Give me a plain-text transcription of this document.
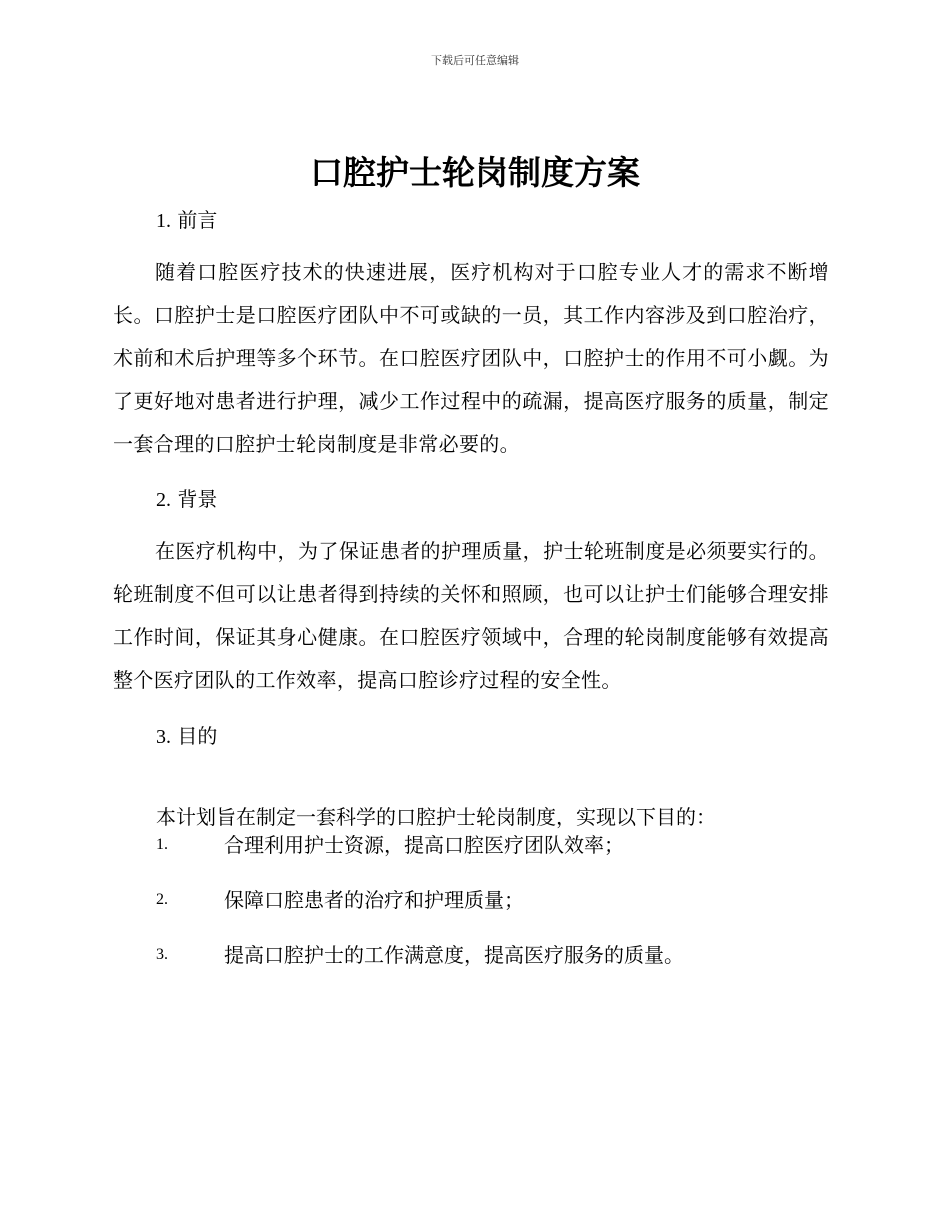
下载后可任意编辑
口腔护士轮岗制度方案
1. 前言

随着口腔医疗技术的快速进展，医疗机构对于口腔专业人才的需求不断增长。口腔护士是口腔医疗团队中不可或缺的一员，其工作内容涉及到口腔治疗，术前和术后护理等多个环节。在口腔医疗团队中，口腔护士的作用不可小觑。为了更好地对患者进行护理，减少工作过程中的疏漏，提高医疗服务的质量，制定一套合理的口腔护士轮岗制度是非常必要的。

2. 背景

在医疗机构中，为了保证患者的护理质量，护士轮班制度是必须要实行的。轮班制度不但可以让患者得到持续的关怀和照顾，也可以让护士们能够合理安排工作时间，保证其身心健康。在口腔医疗领域中，合理的轮岗制度能够有效提高整个医疗团队的工作效率，提高口腔诊疗过程的安全性。

3. 目的

本计划旨在制定一套科学的口腔护士轮岗制度，实现以下目的：

1.	合理利用护士资源，提高口腔医疗团队效率；
2.	保障口腔患者的治疗和护理质量；
3.	提高口腔护士的工作满意度，提高医疗服务的质量。
